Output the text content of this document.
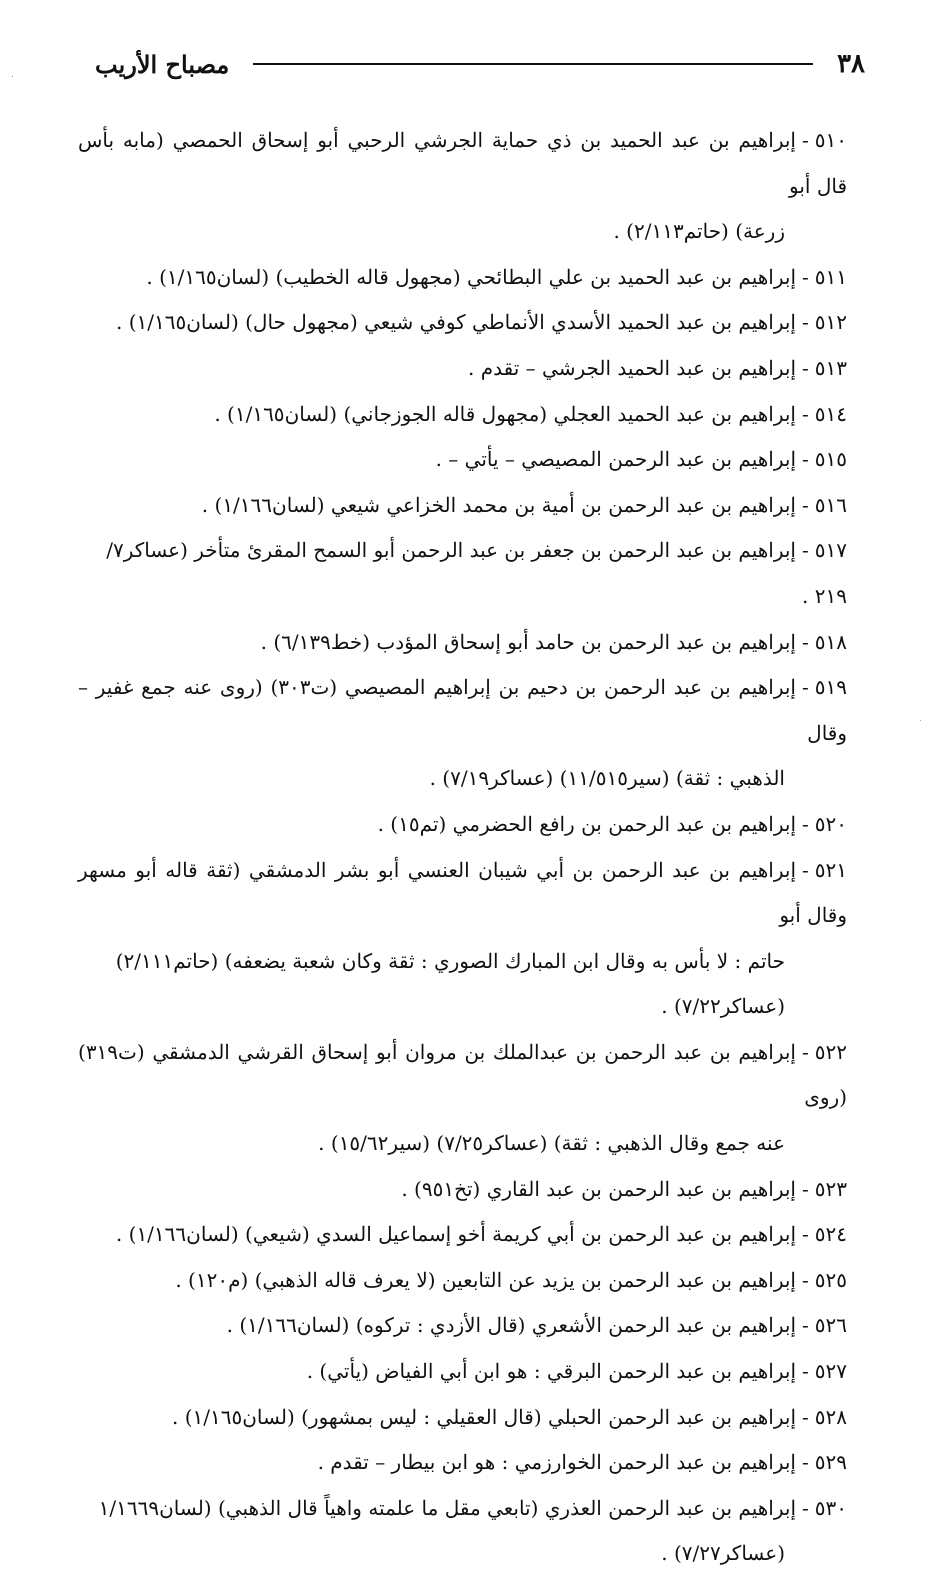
٣٨
مصباح الأريب
٥١٠-إبراهيم بن عبد الحميد بن ذي حماية الجرشي الرحبي أبو إسحاق الحمصي (مابه بأس قال أبو
زرعة) (حاتم٢/١١٣) .
٥١١-إبراهيم بن عبد الحميد بن علي البطائحي (مجهول قاله الخطيب) (لسان١/١٦٥) .
٥١٢-إبراهيم بن عبد الحميد الأسدي الأنماطي كوفي شيعي (مجهول حال) (لسان١/١٦٥) .
٥١٣-إبراهيم بن عبد الحميد الجرشي – تقدم .
٥١٤-إبراهيم بن عبد الحميد العجلي (مجهول قاله الجوزجاني) (لسان١/١٦٥) .
٥١٥-إبراهيم بن عبد الرحمن المصيصي – يأتي – .
٥١٦-إبراهيم بن عبد الرحمن بن أمية بن محمد الخزاعي شيعي (لسان١/١٦٦) .
٥١٧-إبراهيم بن عبد الرحمن بن جعفر بن عبد الرحمن أبو السمح المقرئ متأخر (عساكر٧/ ٢١٩ .
٥١٨-إبراهيم بن عبد الرحمن بن حامد أبو إسحاق المؤدب (خط٦/١٣٩) .
٥١٩-إبراهيم بن عبد الرحمن بن دحيم بن إبراهيم المصيصي (ت٣٠٣) (روى عنه جمع غفير – وقال
الذهبي : ثقة) (سير١١/٥١٥) (عساكر٧/١٩) .
٥٢٠-إبراهيم بن عبد الرحمن بن رافع الحضرمي (تم١٥) .
٥٢١-إبراهيم بن عبد الرحمن بن أبي شيبان العنسي أبو بشر الدمشقي (ثقة قاله أبو مسهر وقال أبو
حاتم : لا بأس به وقال ابن المبارك الصوري : ثقة وكان شعبة يضعفه) (حاتم٢/١١١)
(عساكر٧/٢٢) .
٥٢٢-إبراهيم بن عبد الرحمن بن عبدالملك بن مروان أبو إسحاق القرشي الدمشقي (ت٣١٩) (روى
عنه جمع وقال الذهبي : ثقة) (عساكر٧/٢٥) (سير١٥/٦٢) .
٥٢٣-إبراهيم بن عبد الرحمن بن عبد القاري (تخ٩٥١) .
٥٢٤-إبراهيم بن عبد الرحمن بن أبي كريمة أخو إسماعيل السدي (شيعي) (لسان١/١٦٦) .
٥٢٥-إبراهيم بن عبد الرحمن بن يزيد عن التابعين (لا يعرف قاله الذهبي) (م١٢٠) .
٥٢٦-إبراهيم بن عبد الرحمن الأشعري (قال الأزدي : تركوه) (لسان١/١٦٦) .
٥٢٧-إبراهيم بن عبد الرحمن البرقي : هو ابن أبي الفياض (يأتي) .
٥٢٨-إبراهيم بن عبد الرحمن الحبلي (قال العقيلي : ليس بمشهور) (لسان١/١٦٥) .
٥٢٩-إبراهيم بن عبد الرحمن الخوارزمي : هو ابن بيطار – تقدم .
٥٣٠-إبراهيم بن عبد الرحمن العذري (تابعي مقل ما علمته واهياً قال الذهبي) (لسان١/١٦٦٩
(عساكر٧/٢٧) .
